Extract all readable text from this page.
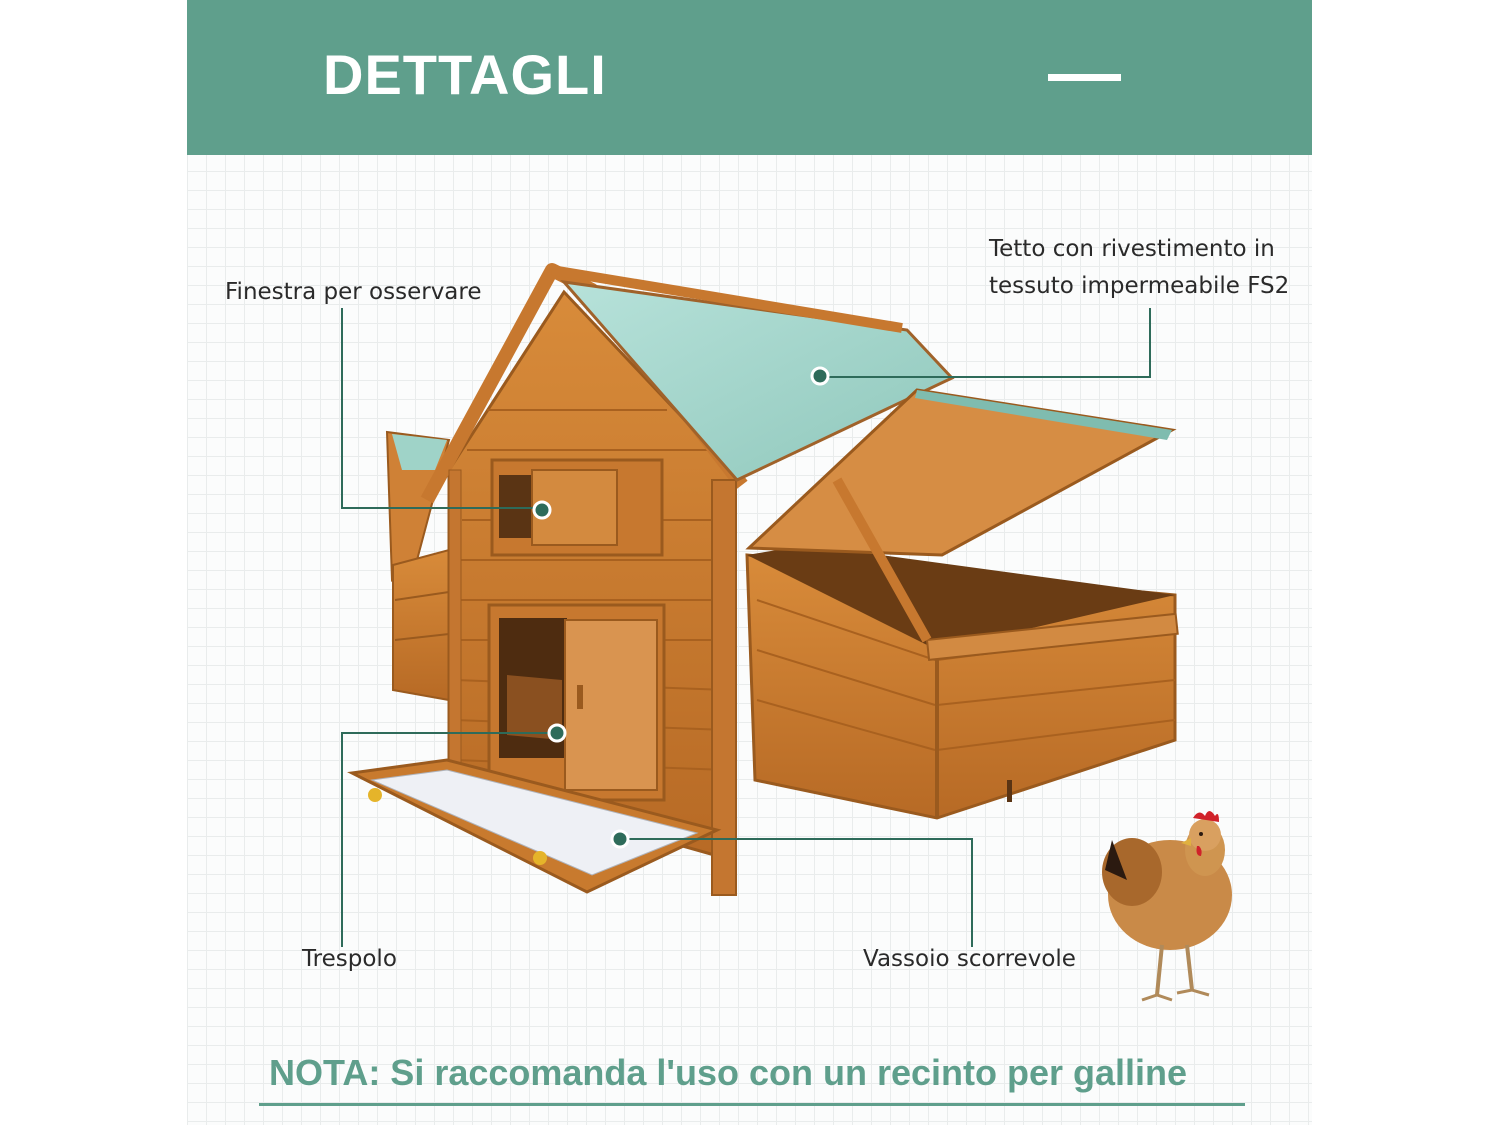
DETTAGLI
Finestra per osservare
Tetto con rivestimento in
tessuto impermeabile FS2
Trespolo	Vassoio scorrevole
NOTA: Si raccomanda l'uso con un recinto per galline
